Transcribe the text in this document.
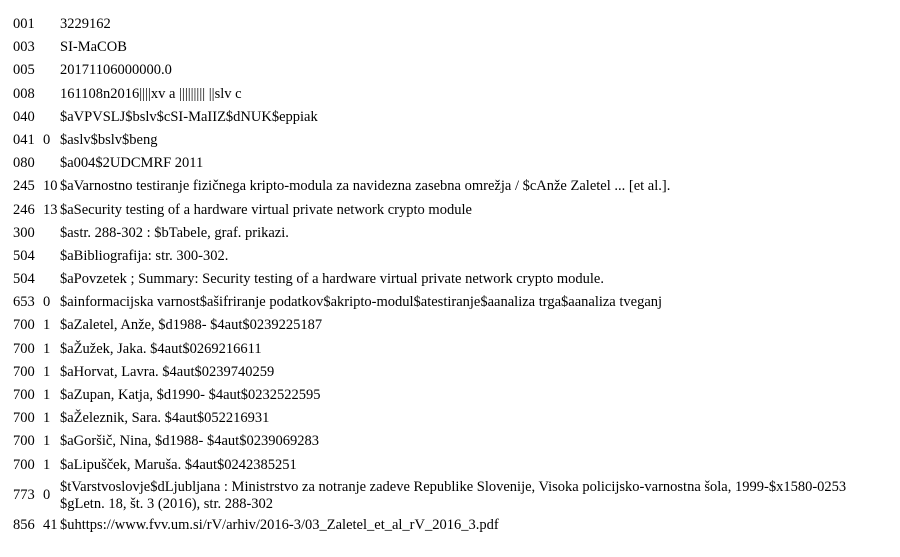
001	3229162
003	SI-MaCOB
005	20171106000000.0
008	161108n2016||||xv a ||||||||| ||slv c
040	$aVPVSLJ$bslv$cSI-MaIIZ$dNUK$eppiak
041 0 $aslv$bslv$beng
080	$a004$2UDCMRF 2011
245 10 $aVarnostno testiranje fizičnega kripto-modula za navidezna zasebna omrežja / $cAnže Zaletel ... [et al.].
246 13 $aSecurity testing of a hardware virtual private network crypto module
300	$astr. 288-302 : $bTabele, graf. prikazi.
504	$aBibliografija: str. 300-302.
504	$aPovzetek ; Summary: Security testing of a hardware virtual private network crypto module.
653 0 $ainformacijska varnost$ašifriranje podatkov$akripto-modul$atestiranje$aanaliza trga$aanaliza tveganj
700 1 $aZaletel, Anže, $d1988- $4aut$0239225187
700 1 $aŽužek, Jaka. $4aut$0269216611
700 1 $aHorvat, Lavra. $4aut$0239740259
700 1 $aZupan, Katja, $d1990- $4aut$0232522595
700 1 $aŽeleznik, Sara. $4aut$052216931
700 1 $aGoršič, Nina, $d1988- $4aut$0239069283
700 1 $aLipušček, Maruša. $4aut$0242385251
773 0 $tVarstvoslovje$dLjubljana : Ministrstvo za notranje zadeve Republike Slovenije, Visoka policijsko-varnostna šola, 1999-$x1580-0253
$gLetn. 18, št. 3 (2016), str. 288-302
856 41 $uhttps://www.fvv.um.si/rV/arhiv/2016-3/03_Zaletel_et_al_rV_2016_3.pdf
